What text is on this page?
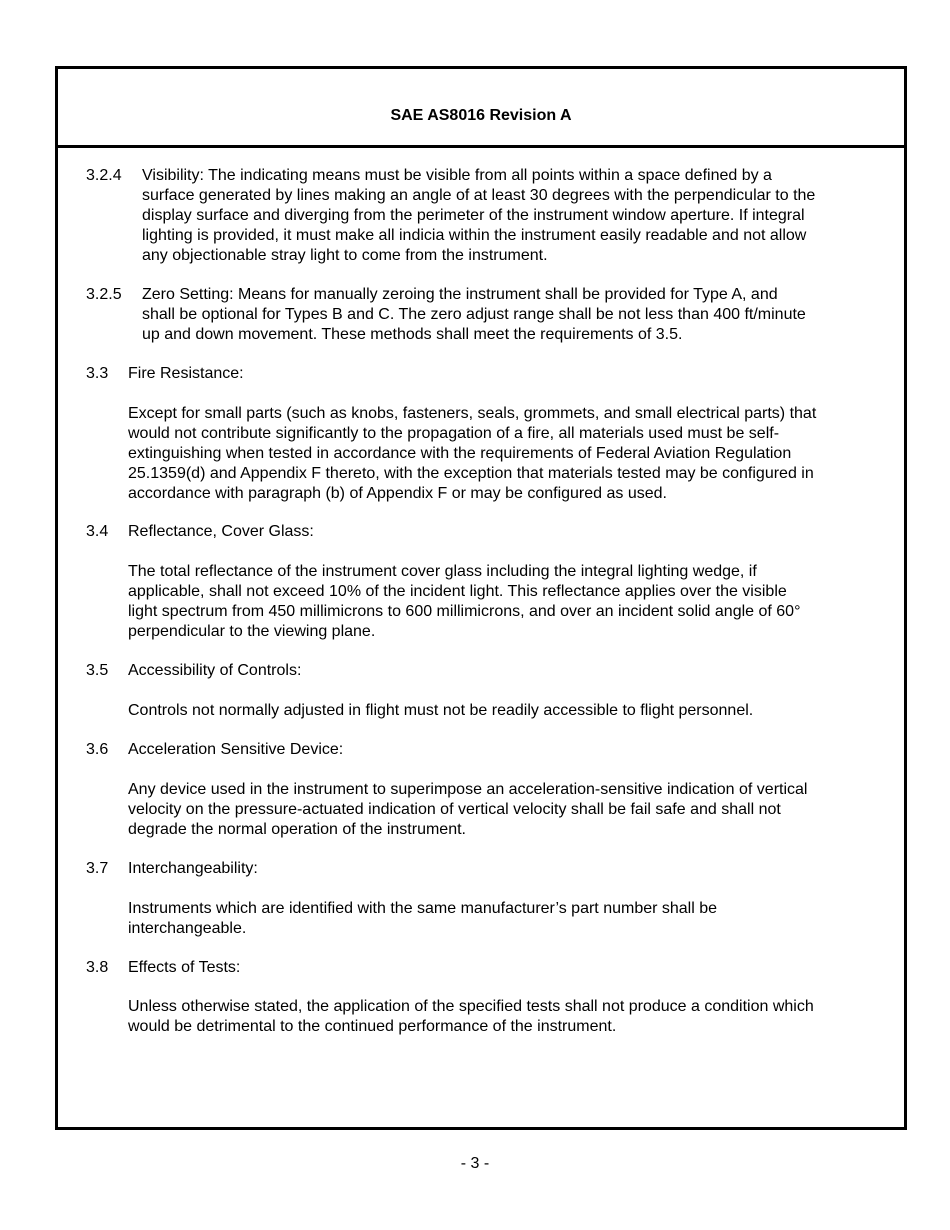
SAE AS8016 Revision A
3.2.4 Visibility: The indicating means must be visible from all points within a space defined by a
surface generated by lines making an angle of at least 30 degrees with the perpendicular to the
display surface and diverging from the perimeter of the instrument window aperture. If integral
lighting is provided, it must make all indicia within the instrument easily readable and not allow
any objectionable stray light to come from the instrument.
3.2.5 Zero Setting: Means for manually zeroing the instrument shall be provided for Type A, and
shall be optional for Types B and C. The zero adjust range shall be not less than 400 ft/minute
up and down movement. These methods shall meet the requirements of 3.5.
3.3 Fire Resistance:
Except for small parts (such as knobs, fasteners, seals, grommets, and small electrical parts) that
would not contribute significantly to the propagation of a fire, all materials used must be self-
extinguishing when tested in accordance with the requirements of Federal Aviation Regulation
25.1359(d) and Appendix F thereto, with the exception that materials tested may be configured in
accordance with paragraph (b) of Appendix F or may be configured as used.
3.4 Reflectance, Cover Glass:
The total reflectance of the instrument cover glass including the integral lighting wedge, if
applicable, shall not exceed 10% of the incident light. This reflectance applies over the visible
light spectrum from 450 millimicrons to 600 millimicrons, and over an incident solid angle of 60°
perpendicular to the viewing plane.
3.5 Accessibility of Controls:
Controls not normally adjusted in flight must not be readily accessible to flight personnel.
3.6 Acceleration Sensitive Device:
Any device used in the instrument to superimpose an acceleration-sensitive indication of vertical
velocity on the pressure-actuated indication of vertical velocity shall be fail safe and shall not
degrade the normal operation of the instrument.
3.7 Interchangeability:
Instruments which are identified with the same manufacturer’s part number shall be
interchangeable.
3.8 Effects of Tests:
Unless otherwise stated, the application of the specified tests shall not produce a condition which
would be detrimental to the continued performance of the instrument.
- 3 -
